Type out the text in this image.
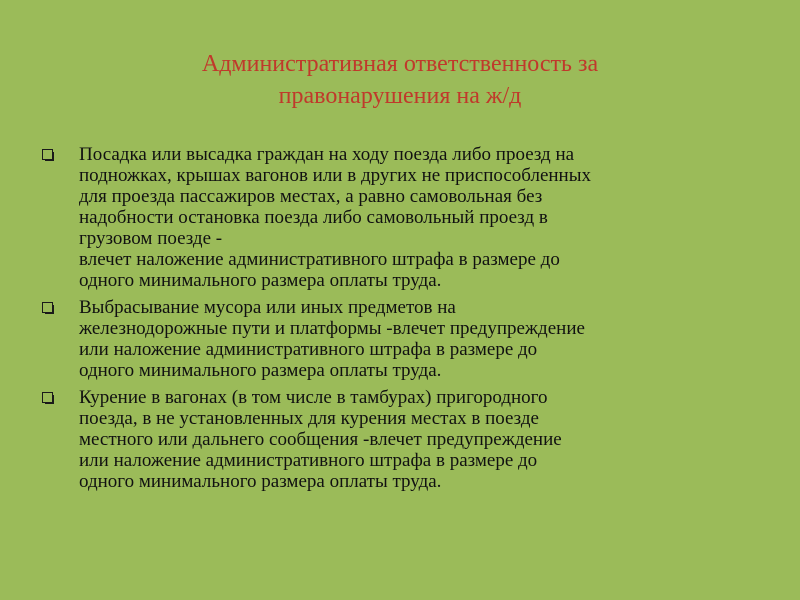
Административная ответственность за
правонарушения на ж/д
Посадка или высадка граждан на ходу поезда либо проезд на
подножках, крышах вагонов или в других не приспособленных
для проезда пассажиров местах, а равно самовольная без
надобности остановка поезда либо самовольный проезд в
грузовом поезде -
влечет наложение административного штрафа в размере до
одного минимального размера оплаты труда.
Выбрасывание мусора или иных предметов на
железнодорожные пути и платформы -влечет предупреждение
или наложение административного штрафа в размере до
одного минимального размера оплаты труда.
Курение в вагонах (в том числе в тамбурах) пригородного
поезда, в не установленных для курения местах в поезде
местного или дальнего сообщения -влечет предупреждение
или наложение административного штрафа в размере до
одного минимального размера оплаты труда.
